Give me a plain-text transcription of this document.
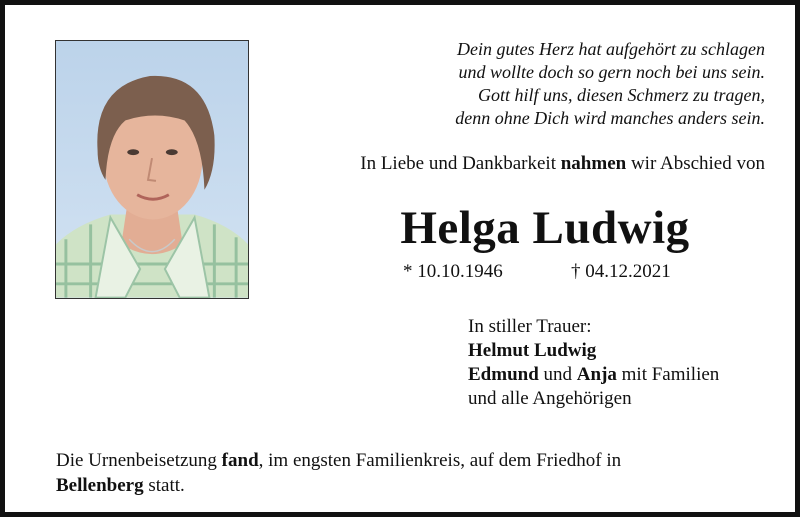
Dein gutes Herz hat aufgehört zu schlagen
und wollte doch so gern noch bei uns sein.
Gott hilf uns, diesen Schmerz zu tragen,
denn ohne Dich wird manches anders sein.
In Liebe und Dankbarkeit nahmen wir Abschied von
Helga Ludwig
* 10.10.1946	† 04.12.2021
In stiller Trauer:
Helmut Ludwig
Edmund und Anja mit Familien
und alle Angehörigen
Die Urnenbeisetzung fand, im engsten Familienkreis, auf dem Friedhof in
Bellenberg statt.
